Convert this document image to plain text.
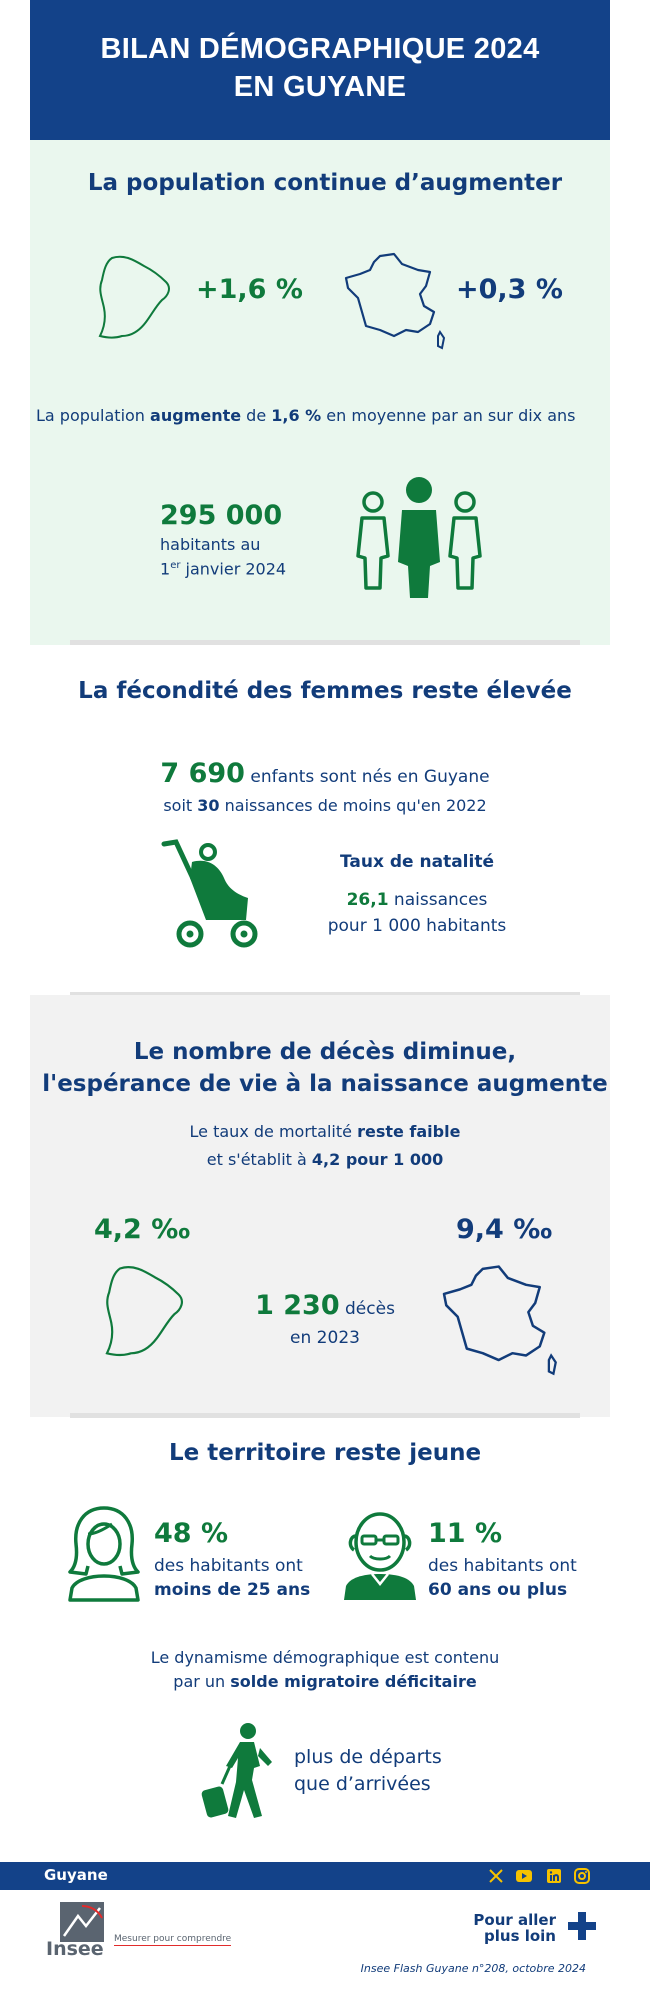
BILAN DÉMOGRAPHIQUE 2024
EN GUYANE
La population continue d’augmenter
+1,6 %	+0,3 %
La population augmente de 1,6 % en moyenne par an sur dix ans
295 000
habitants au
1er janvier 2024
La fécondité des femmes reste élevée
7 690 enfants sont nés en Guyane
soit 30 naissances de moins qu'en 2022
Taux de natalité
26,1 naissances
pour 1 000 habitants
Le nombre de décès diminue,
l'espérance de vie à la naissance augmente
Le taux de mortalité reste faible
et s'établit à 4,2 pour 1 000
4,2 ‰	9,4 ‰
1 230 décès
en 2023
Le territoire reste jeune
48 %
des habitants ont
moins de 25 ans
11 %
des habitants ont
60 ans ou plus
Le dynamisme démographique est contenu
par un solde migratoire déficitaire
plus de départs
que d’arrivées
Guyane
Insee Mesurer pour comprendre
Pour aller
plus loin
Insee Flash Guyane n°208, octobre 2024
